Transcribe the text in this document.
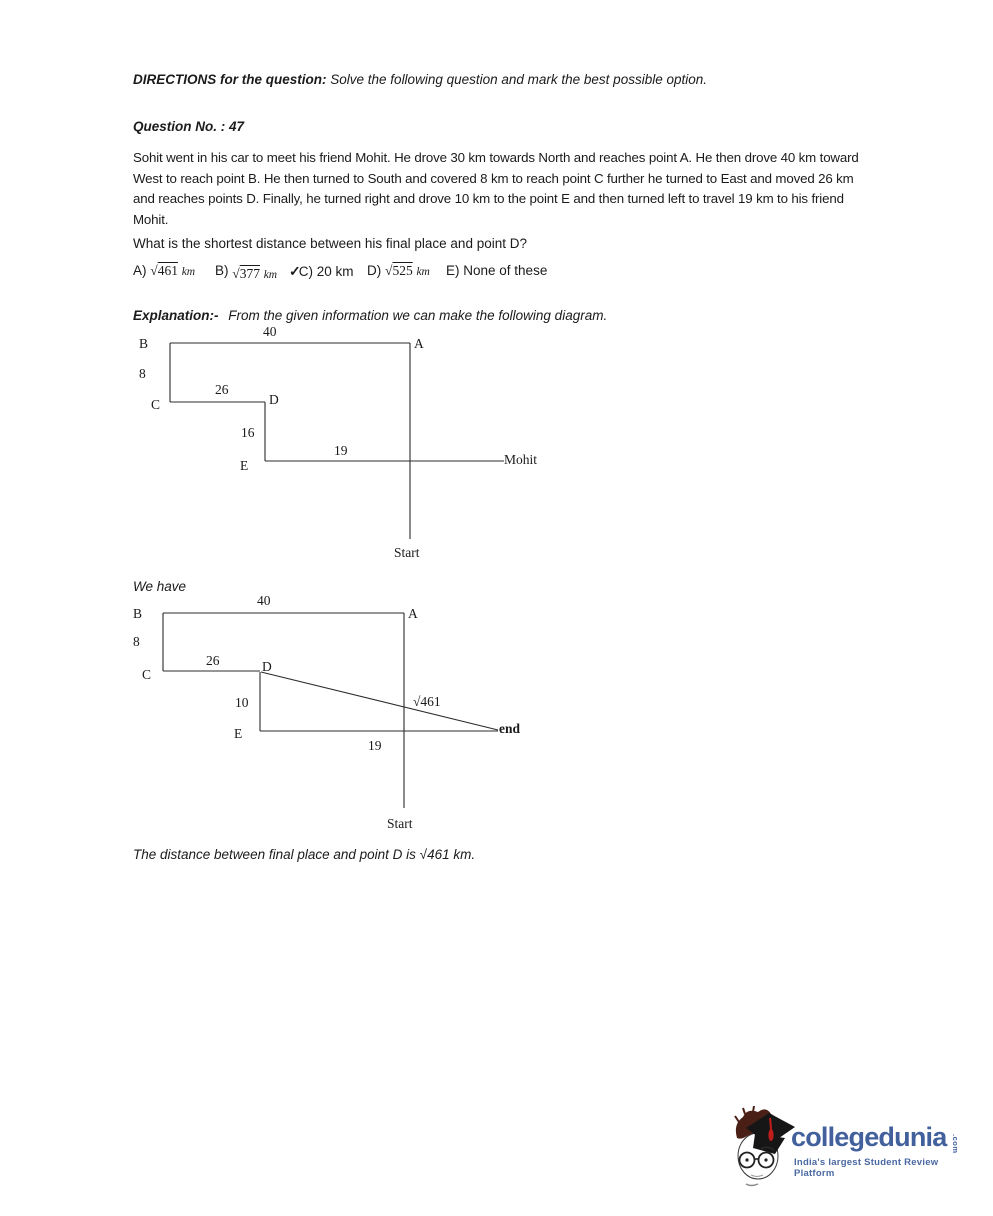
DIRECTIONS for the question: Solve the following question and mark the best possible option.
Question No. : 47
Sohit went in his car to meet his friend Mohit. He drove 30 km towards North and reaches point A. He then drove 40 km toward
West to reach point B. He then turned to South and covered 8 km to reach point C further he turned to East and moved 26 km
and reaches points D. Finally, he turned right and drove 10 km to the point E and then turned left to travel 19 km to his friend
Mohit.
What is the shortest distance between his final place and point D?
A) √461 km B) √377 km ✓C) 20 km D) √525 km E) None of these
Explanation:- From the given information we can make the following diagram.
40
B	A
8
26
C	D
16
E
19
Mohit
Start
We have
40
B	A
8
26
C
D
10
E
19
√461
end
Start
The distance between final place and point D is √461 km.
collegedunia .com
India's largest Student Review Platform
